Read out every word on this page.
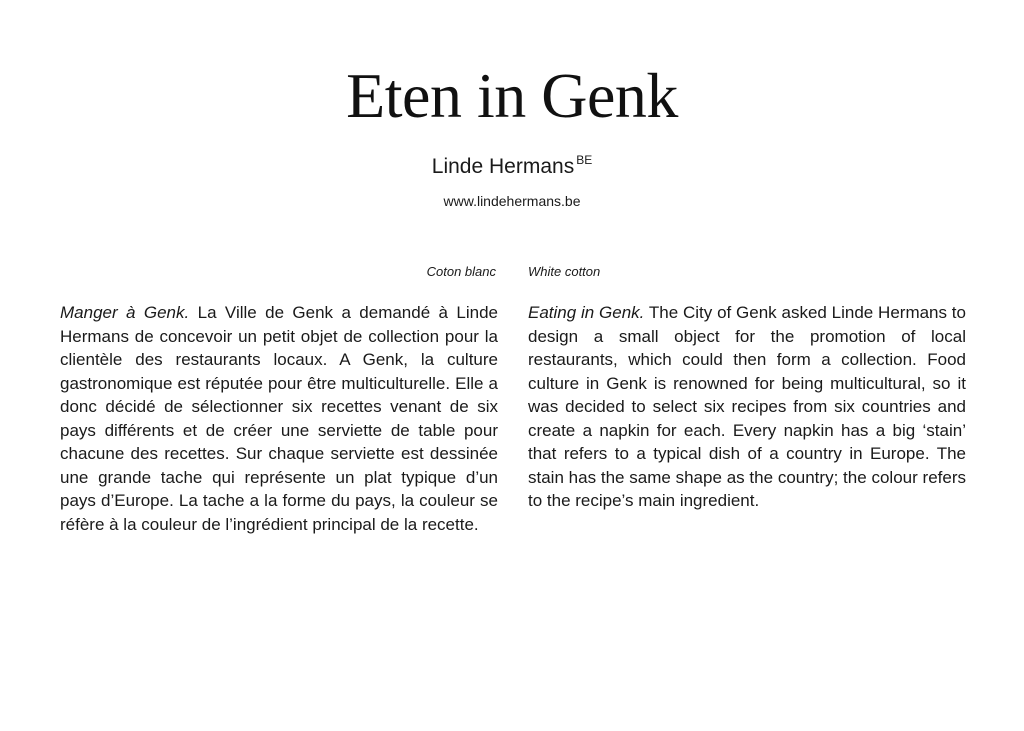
Eten in Genk
Linde Hermans $^{BE}$
www.lindehermans.be
Coton blanc White cotton
Manger à Genk. La Ville de Genk a demandé à Linde Hermans de concevoir un petit objet de collection pour la clientèle des restaurants locaux. A Genk, la culture gastronomique est réputée pour être multiculturelle. Elle a donc décidé de sélectionner six recettes venant de six pays différents et de créer une serviette de table pour chacune des recettes. Sur chaque serviette est dessinée une grande tache qui représente un plat typique d’un pays d’Europe. La tache a la forme du pays, la couleur se réfère à la couleur de l’ingrédient principal de la recette.
Eating in Genk. The City of Genk asked Linde Hermans to design a small object for the promotion of local restaurants, which could then form a collection. Food culture in Genk is renowned for being multicultural, so it was decided to select six recipes from six countries and create a napkin for each. Every napkin has a big ‘stain’ that refers to a typical dish of a country in Europe. The stain has the same shape as the country; the colour refers to the recipe’s main ingredient.
